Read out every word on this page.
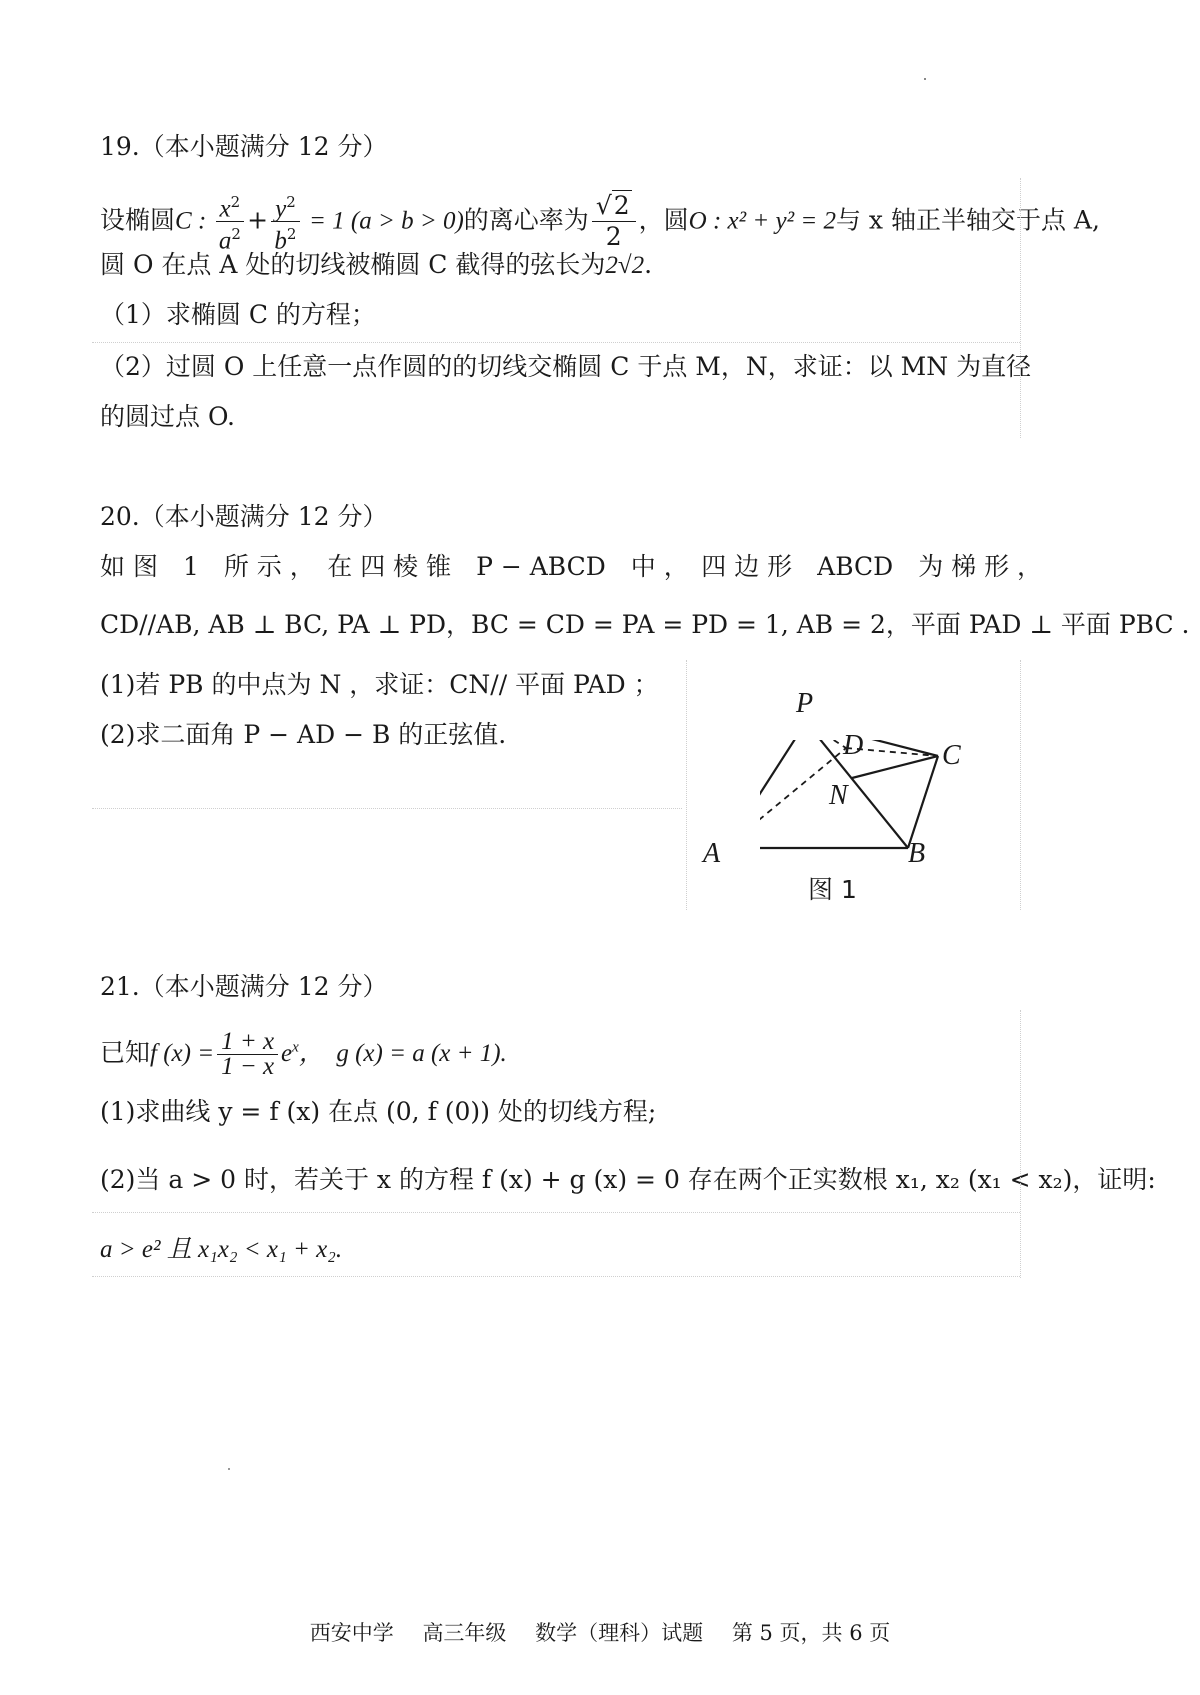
19.（本小题满分 12 分）
设椭圆C : $\frac{x^2}{a^2} + \frac{y^2}{b^2} = 1$ (a > b > 0)的离心率为 $\frac{√2}{2}$ ，圆O : x² + y² = 2与 x 轴正半轴交于点 A,
圆 O 在点 A 处的切线被椭圆 C 截得的弦长为2√2.
（1）求椭圆 C 的方程；
（2）过圆 O 上任意一点作圆的的切线交椭圆 C 于点 M，N，求证：以 MN 为直径
的圆过点 O.
20.（本小题满分 12 分）
如 图　1　所 示 ，　在 四 棱 锥　P − ABCD　中 ，　四 边 形　ABCD　为 梯 形 ，
CD//AB, AB ⊥ BC, PA ⊥ PD，BC = CD = PA = PD = 1, AB = 2，平面 PAD ⊥ 平面 PBC .
(1)若 PB 的中点为 N ，求证：CN// 平面 PAD ；
(2)求二面角 P − AD − B 的正弦值.
P
D	C
N
A	B
图 1
21.（本小题满分 12 分）
已知f $(x) = \frac{1 + x}{1 - x} e^x$，　g (x) = a (x + 1).
(1)求曲线 y = f (x) 在点 (0, f (0)) 处的切线方程;
(2)当 a > 0 时，若关于 x 的方程 f (x) + g (x) = 0 存在两个正实数根 x₁, x₂ (x₁ < x₂)，证明:
a > e² 且 x₁x₂ < x₁ + x₂.
西安中学 高三年级 数学（理科）试题 第 5 页，共 6 页
